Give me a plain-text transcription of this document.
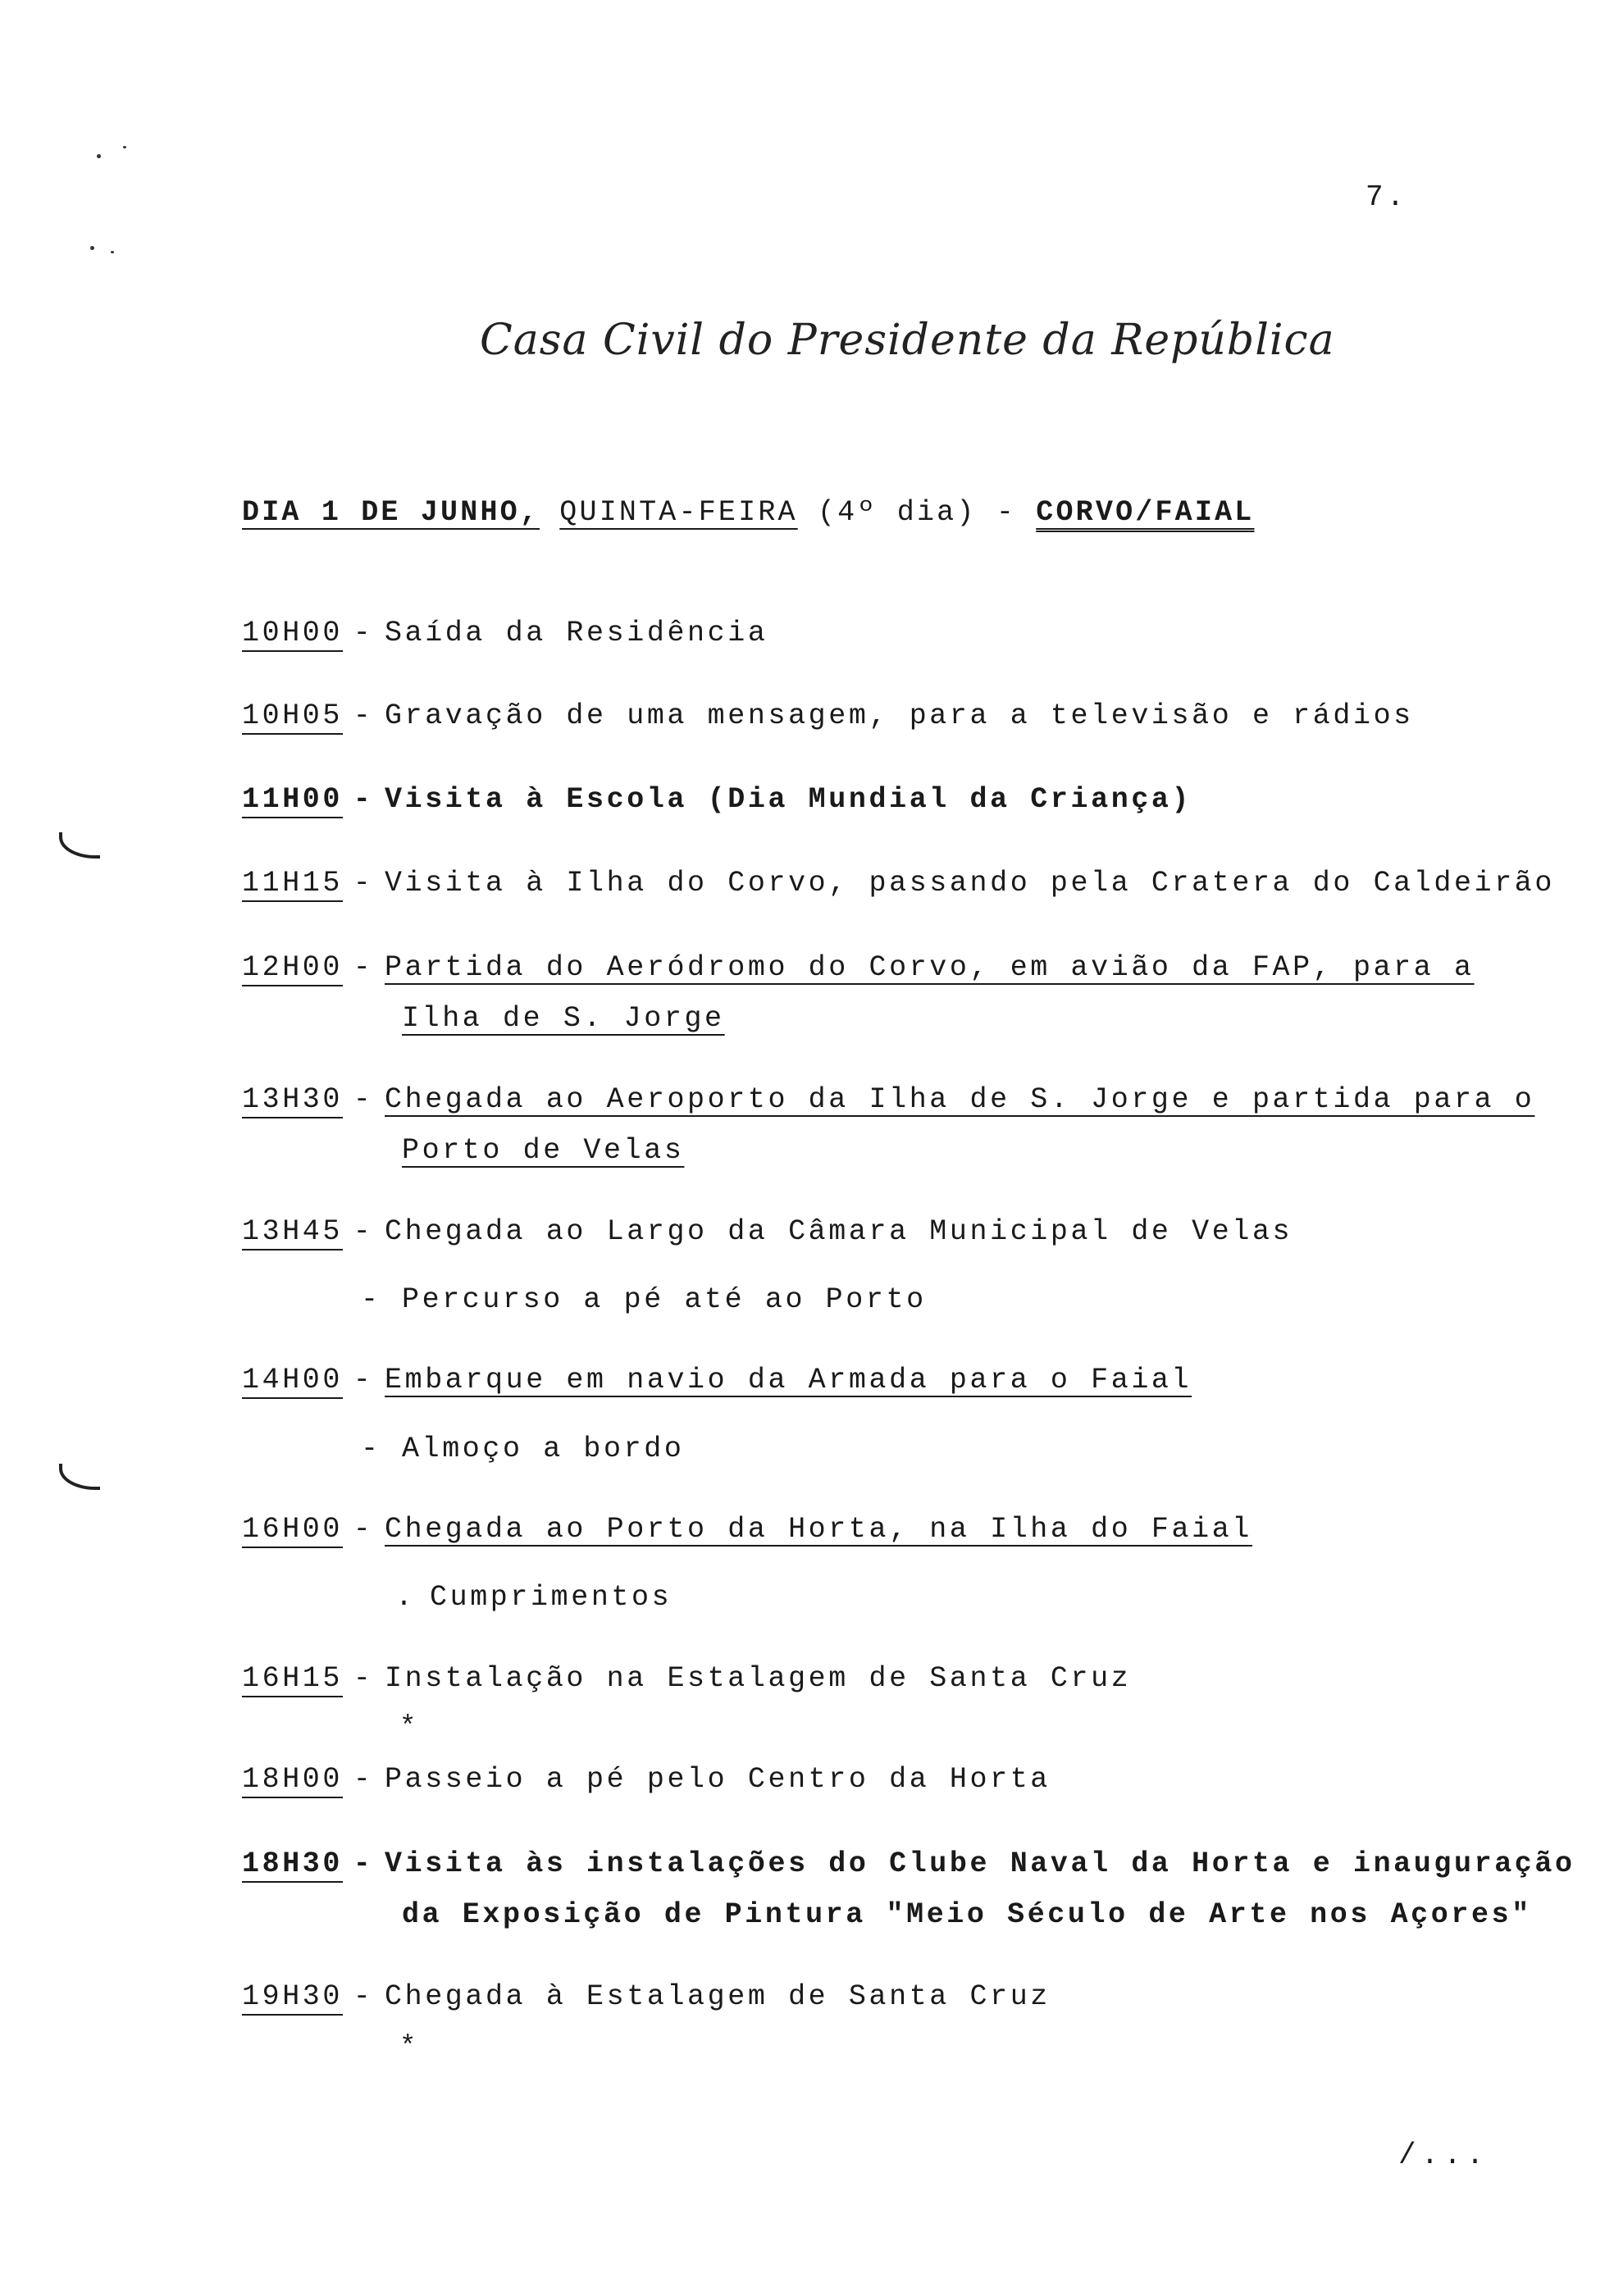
7.
Casa Civil do Presidente da República
DIA 1 DE JUNHO, QUINTA-FEIRA (4º dia) - CORVO/FAIAL
10H00 - Saída da Residência
10H05 - Gravação de uma mensagem, para a televisão e rádios
11H00 - Visita à Escola (Dia Mundial da Criança)
11H15 - Visita à Ilha do Corvo, passando pela Cratera do Caldeirão
12H00 - Partida do Aeródromo do Corvo, em avião da FAP, para a
Ilha de S. Jorge
13H30 - Chegada ao Aeroporto da Ilha de S. Jorge e partida para o
Porto de Velas
13H45 - Chegada ao Largo da Câmara Municipal de Velas
- Percurso a pé até ao Porto
14H00 - Embarque em navio da Armada para o Faial
- Almoço a bordo
16H00 - Chegada ao Porto da Horta, na Ilha do Faial
. Cumprimentos
16H15 - Instalação na Estalagem de Santa Cruz
*
18H00 - Passeio a pé pelo Centro da Horta
18H30 - Visita às instalações do Clube Naval da Horta e inauguração
da Exposição de Pintura "Meio Século de Arte nos Açores"
19H30 - Chegada à Estalagem de Santa Cruz
*
/...
